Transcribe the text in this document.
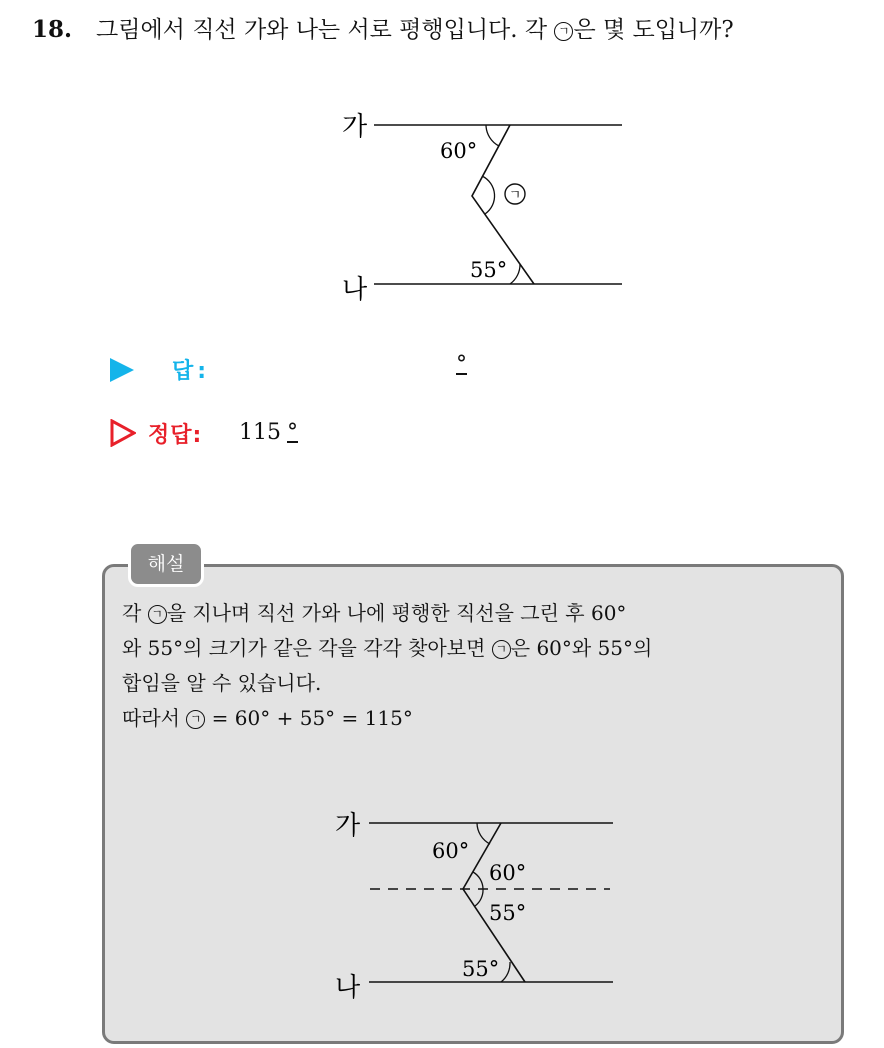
18. 그림에서 직선 가와 나는 서로 평행입니다. 각 ㄱ 은 몇 도입니까?
가
나
60°
55°
ㄱ
답:	°
정답: 115 °
해설
각 ㄱ 을 지나며 직선 가와 나에 평행한 직선을 그린 후 60°
와 55°의 크기가 같은 각을 각각 찾아보면 ㄱ 은 60°와 55°의
합임을 알 수 있습니다.
따라서 ㄱ = 60° + 55° = 115°
가
나
60°
60°
55°
55°
